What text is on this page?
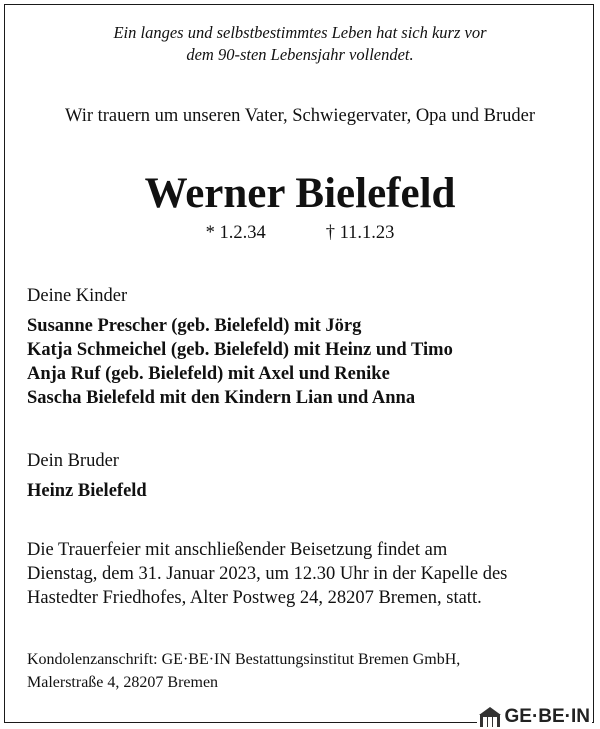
Ein langes und selbstbestimmtes Leben hat sich kurz vor
dem 90-sten Lebensjahr vollendet.
Wir trauern um unseren Vater, Schwiegervater, Opa und Bruder
Werner Bielefeld
* 1.2.34	† 11.1.23
Deine Kinder
Susanne Prescher (geb. Bielefeld) mit Jörg
Katja Schmeichel (geb. Bielefeld) mit Heinz und Timo
Anja Ruf (geb. Bielefeld) mit Axel und Renike
Sascha Bielefeld mit den Kindern Lian und Anna
Dein Bruder
Heinz Bielefeld
Die Trauerfeier mit anschließender Beisetzung findet am
Dienstag, dem 31. Januar 2023, um 12.30 Uhr in der Kapelle des
Hastedter Friedhofes, Alter Postweg 24, 28207 Bremen, statt.
Kondolenzanschrift: GE·BE·IN Bestattungsinstitut Bremen GmbH,
Malerstraße 4, 28207 Bremen
GE·BE·IN
